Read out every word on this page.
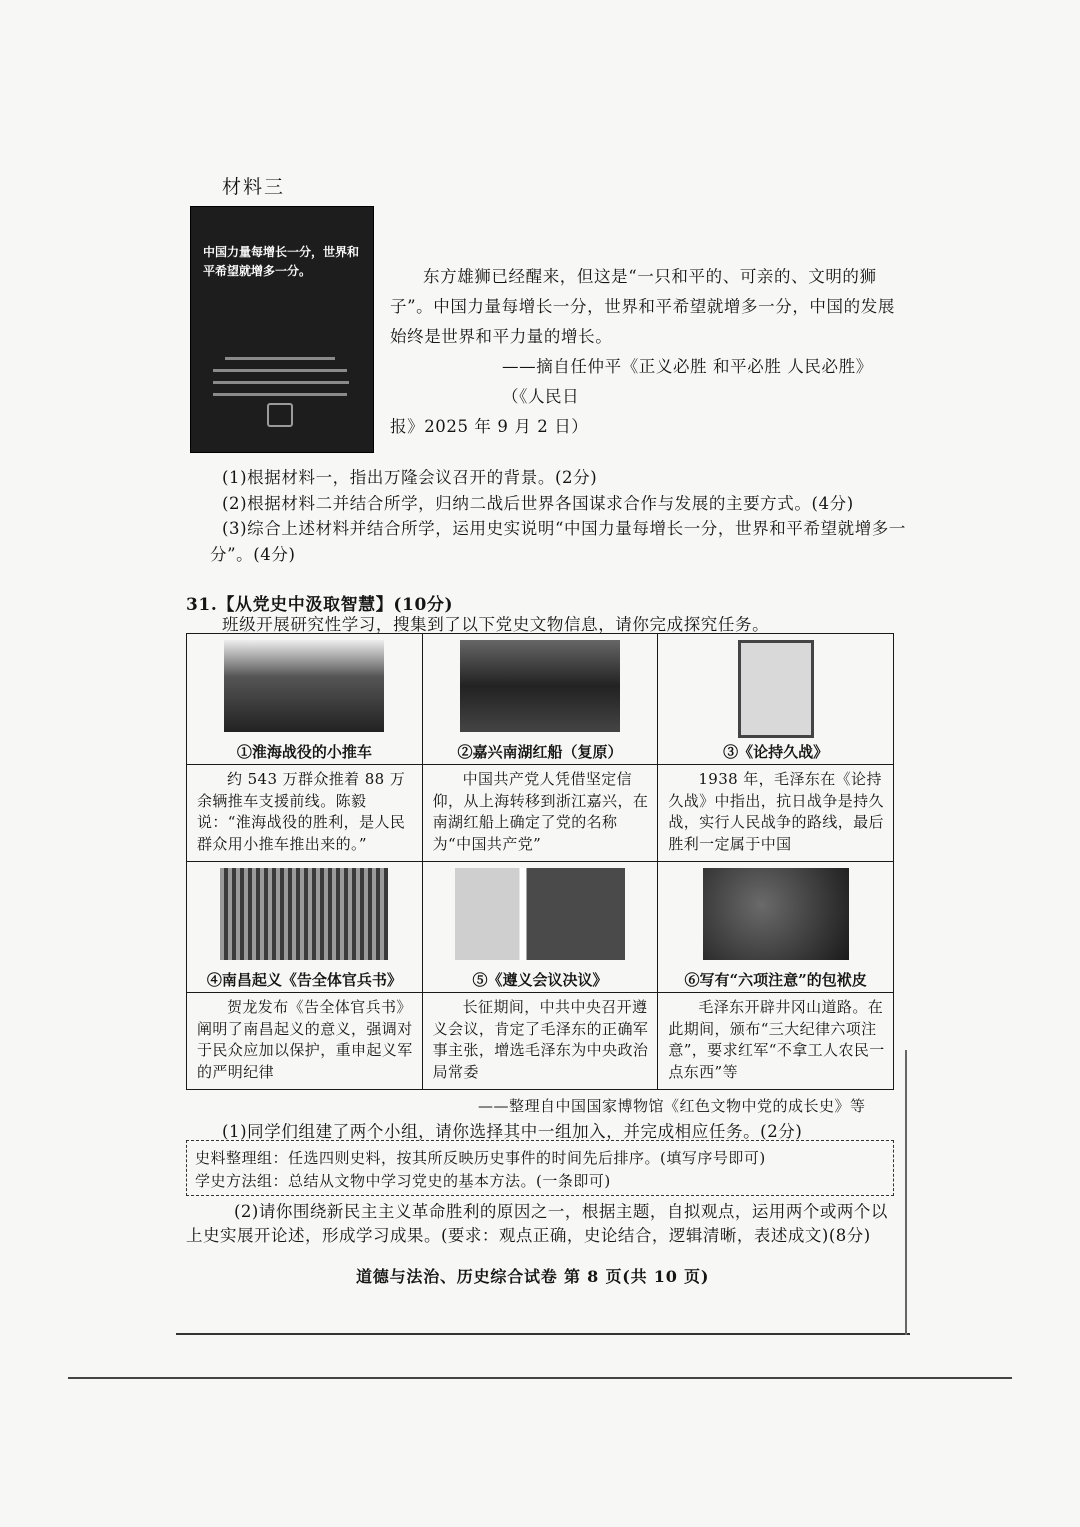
材料三
中国力量每增长一分，世界和平希望就增多一分。	东方雄狮已经醒来，但这是“一只和平的、可亲的、文明的狮子”。中国力量每增长一分，世界和平希望就增多一分，中国的发展始终是世界和平力量的增长。
——摘自任仲平《正义必胜 和平必胜 人民必胜》（《人民日
报》2025 年 9 月 2 日）
(1)根据材料一，指出万隆会议召开的背景。(2分)
(2)根据材料二并结合所学，归纳二战后世界各国谋求合作与发展的主要方式。(4分)
(3)综合上述材料并结合所学，运用史实说明“中国力量每增长一分，世界和平希望就增多一分”。(4分)
31.【从党史中汲取智慧】(10分)
班级开展研究性学习，搜集到了以下党史文物信息，请你完成探究任务。
①淮海战役的小推车	②嘉兴南湖红船（复原）	③《论持久战》

约 543 万群众推着 88 万余辆推车支援前线。陈毅说：“淮海战役的胜利，是人民群众用小推车推出来的。”	中国共产党人凭借坚定信仰，从上海转移到浙江嘉兴，在南湖红船上确定了党的名称为“中国共产党”	1938 年，毛泽东在《论持久战》中指出，抗日战争是持久战，实行人民战争的路线，最后胜利一定属于中国

④南昌起义《告全体官兵书》	⑤《遵义会议决议》	⑥写有“六项注意”的包袱皮

贺龙发布《告全体官兵书》阐明了南昌起义的意义，强调对于民众应加以保护，重申起义军的严明纪律	长征期间，中共中央召开遵义会议，肯定了毛泽东的正确军事主张，增选毛泽东为中央政治局常委	毛泽东开辟井冈山道路。在此期间，颁布“三大纪律六项注意”，要求红军“不拿工人农民一点东西”等
——整理自中国国家博物馆《红色文物中党的成长史》等
(1)同学们组建了两个小组，请你选择其中一组加入，并完成相应任务。(2分)
史料整理组：任选四则史料，按其所反映历史事件的时间先后排序。(填写序号即可)
学史方法组：总结从文物中学习党史的基本方法。(一条即可)
(2)请你围绕新民主主义革命胜利的原因之一，根据主题，自拟观点，运用两个或两个以上史实展开论述，形成学习成果。(要求：观点正确，史论结合，逻辑清晰，表述成文)(8分)
道德与法治、历史综合试卷 第 8 页(共 10 页)
